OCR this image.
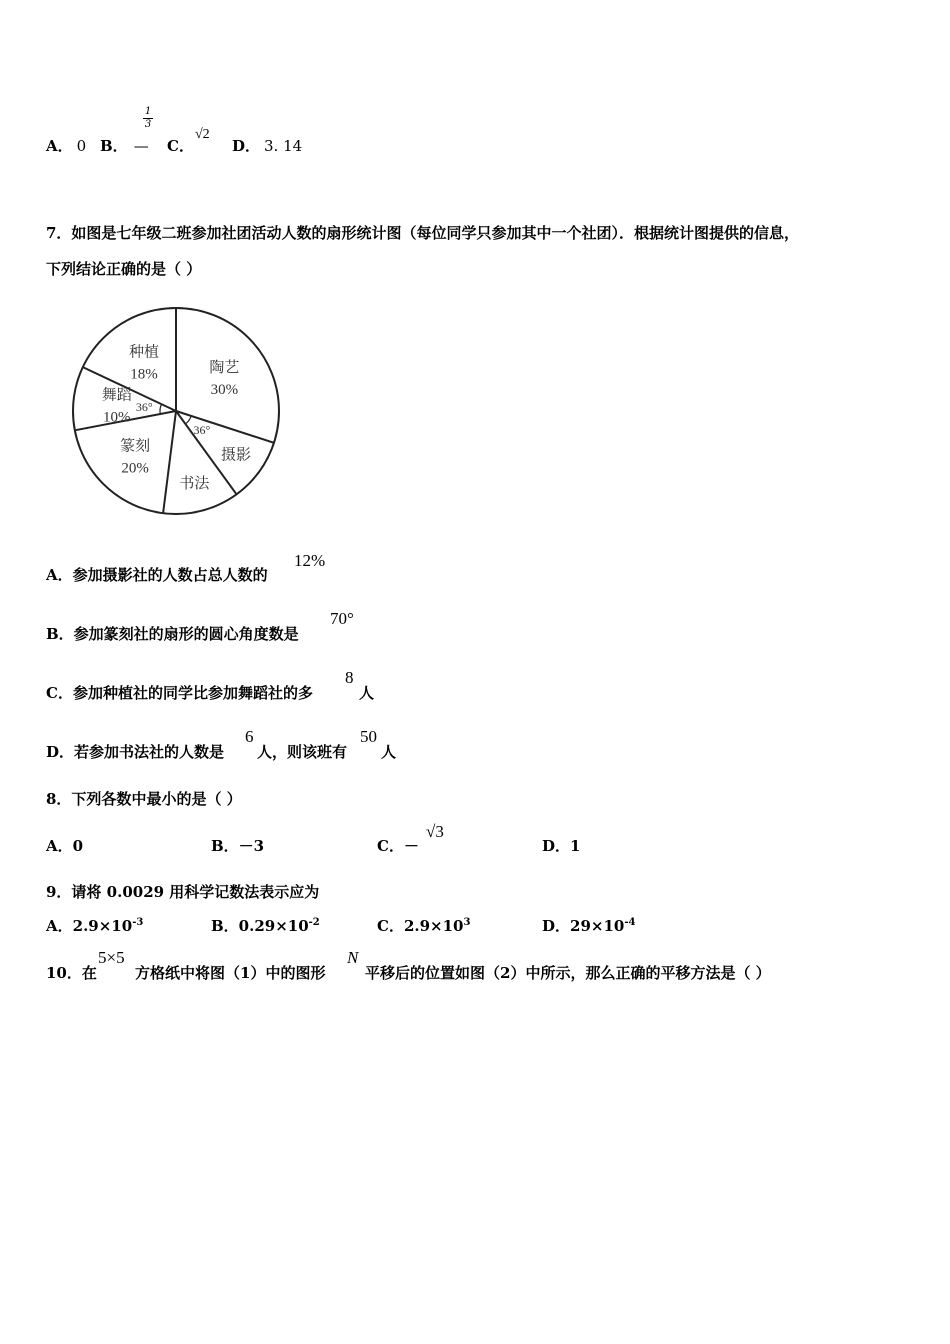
A． 0 B． —
1
3
C．
√2
D． 3. 14
7．如图是七年级二班参加社团活动人数的扇形统计图（每位同学只参加其中一个社团）．根据统计图提供的信息，
下列结论正确的是（ ）
陶艺
30%
摄影
36°
书法
篆刻
20%
舞蹈
10%
36°
种植
18%
A．参加摄影社的人数占总人数的
12%
B．参加篆刻社的扇形的圆心角度数是
70°
C．参加种植社的同学比参加舞蹈社的多
8
人
D．若参加书法社的人数是
6
人，则该班有
50
人
8．下列各数中最小的是（ ）
A．0	B．－3	C．－
√3
D．1
9．请将 0.0029 用科学记数法表示应为
A．$2.9\times 10^{-3}$	B．$0.29\times 10^{-2}$	C．$2.9\times 10^3$	D．$29\times 10^{-4}$
10．在
5×5
方格纸中将图（1）中的图形
N
平移后的位置如图（2）中所示，那么正确的平移方法是（ ）
